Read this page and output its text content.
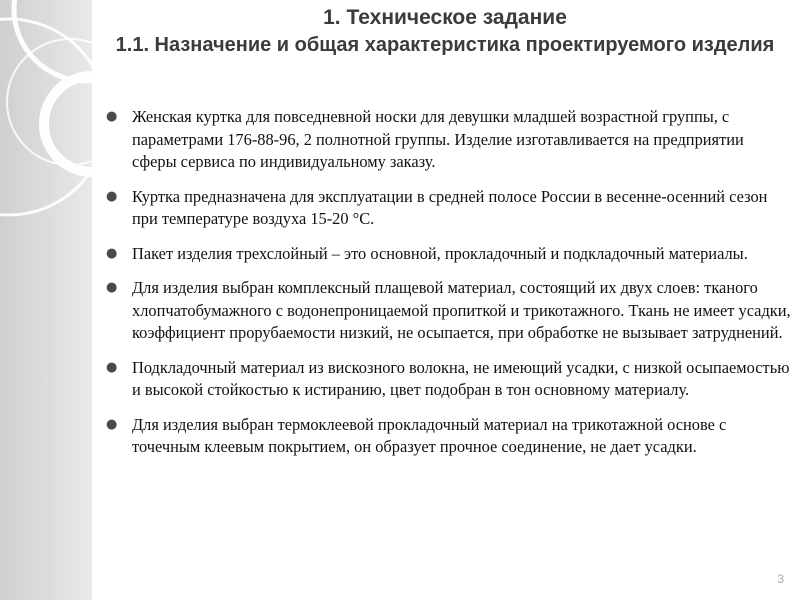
1. Техническое задание
1.1. Назначение и общая характеристика проектируемого изделия
● Женская куртка для повседневной носки для девушки младшей возрастной группы, с параметрами 176-88-96, 2 полнотной группы. Изделие изготавливается на предприятии сферы сервиса по индивидуальному заказу.
● Куртка предназначена для эксплуатации в средней полосе России в весенне-осенний сезон при температуре воздуха 15-20 °С.
● Пакет изделия трехслойный – это основной, прокладочный и подкладочный материалы.
● Для изделия выбран комплексный плащевой материал, состоящий их двух слоев: тканого хлопчатобумажного с водонепроницаемой пропиткой и трикотажного. Ткань не имеет усадки, коэффициент прорубаемости низкий, не осыпается, при обработке не вызывает затруднений.
● Подкладочный материал из вискозного волокна, не имеющий усадки, с низкой осыпаемостью и высокой стойкостью к истиранию, цвет подобран в тон основному материалу.
● Для изделия выбран термоклеевой прокладочный материал на трикотажной основе с точечным клеевым покрытием, он образует прочное соединение, не дает усадки.
3
